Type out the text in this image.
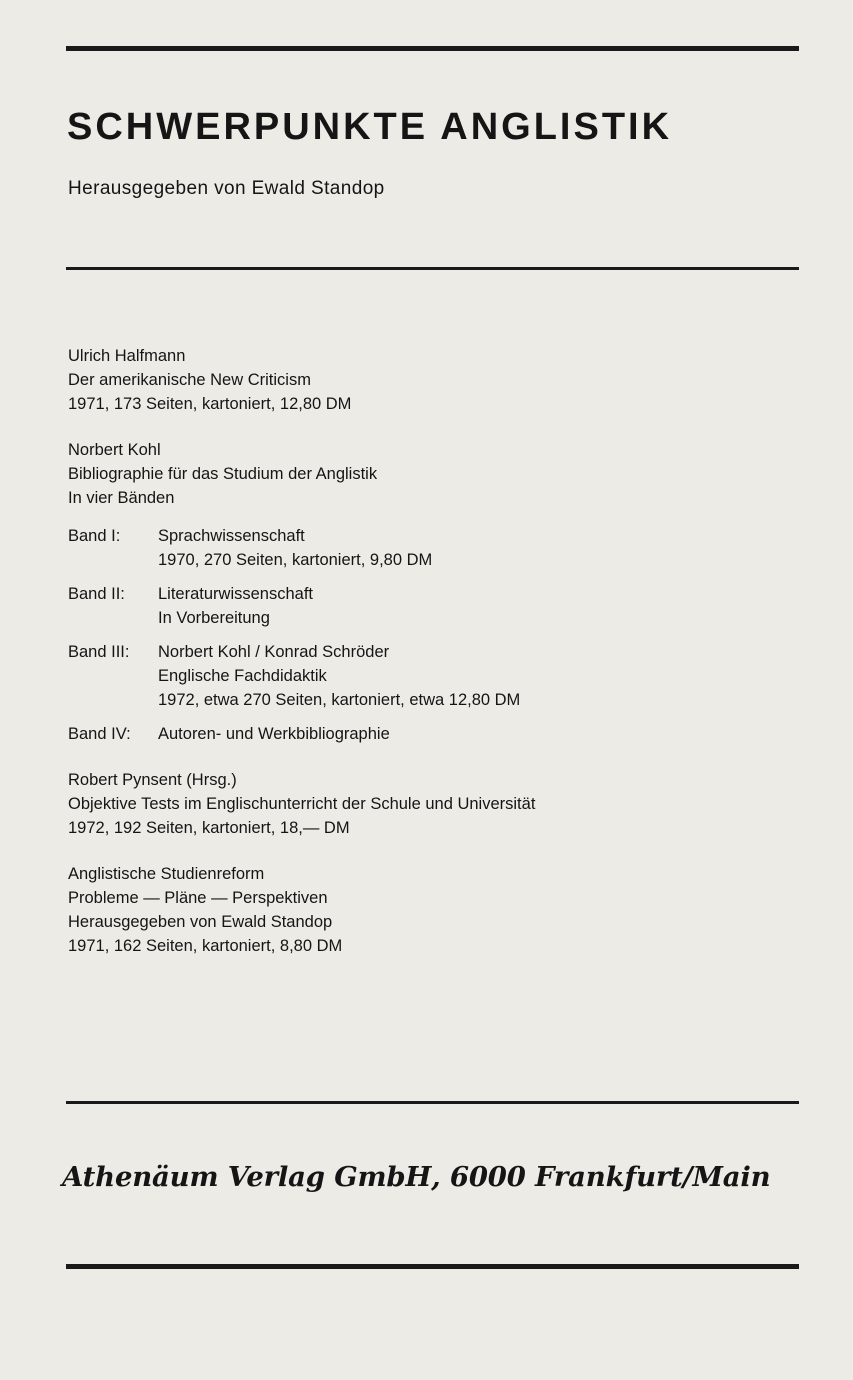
SCHWERPUNKTE ANGLISTIK
Herausgegeben von Ewald Standop
Ulrich Halfmann
Der amerikanische New Criticism
1971, 173 Seiten, kartoniert, 12,80 DM
Norbert Kohl
Bibliographie für das Studium der Anglistik
In vier Bänden
Band I:	Sprachwissenschaft
1970, 270 Seiten, kartoniert, 9,80 DM
Band II:	Literaturwissenschaft
In Vorbereitung
Band III:	Norbert Kohl / Konrad Schröder
Englische Fachdidaktik
1972, etwa 270 Seiten, kartoniert, etwa 12,80 DM
Band IV:	Autoren- und Werkbibliographie
Robert Pynsent (Hrsg.)
Objektive Tests im Englischunterricht der Schule und Universität
1972, 192 Seiten, kartoniert, 18,— DM
Anglistische Studienreform
Probleme — Pläne — Perspektiven
Herausgegeben von Ewald Standop
1971, 162 Seiten, kartoniert, 8,80 DM
Athenäum Verlag GmbH, 6000 Frankfurt/Main
